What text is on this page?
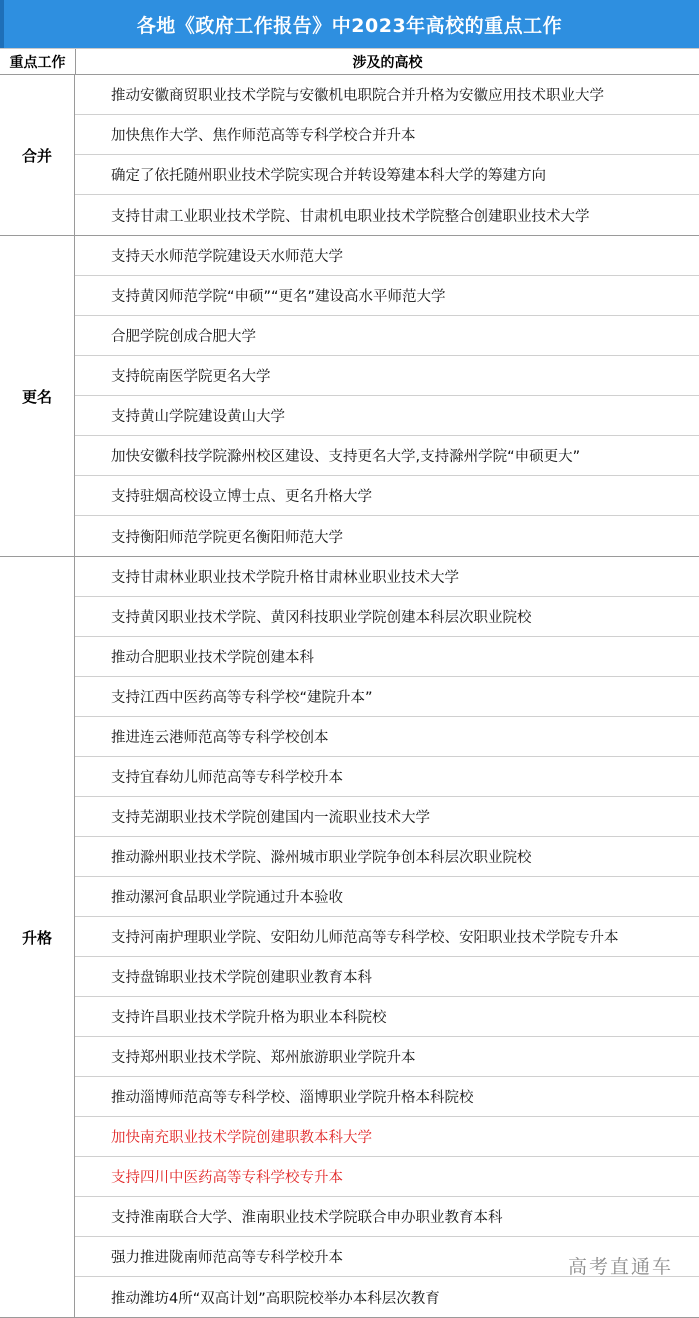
各地《政府工作报告》中2023年高校的重点工作
重点工作	涉及的高校
合并
推动安徽商贸职业技术学院与安徽机电职院合并升格为安徽应用技术职业大学
加快焦作大学、焦作师范高等专科学校合并升本
确定了依托随州职业技术学院实现合并转设筹建本科大学的筹建方向
支持甘肃工业职业技术学院、甘肃机电职业技术学院整合创建职业技术大学
更名
支持天水师范学院建设天水师范大学
支持黄冈师范学院“申硕”“更名”建设高水平师范大学
合肥学院创成合肥大学
支持皖南医学院更名大学
支持黄山学院建设黄山大学
加快安徽科技学院滁州校区建设、支持更名大学,支持滁州学院“申硕更大”
支持驻烟高校设立博士点、更名升格大学
支持衡阳师范学院更名衡阳师范大学
升格
支持甘肃林业职业技术学院升格甘肃林业职业技术大学
支持黄冈职业技术学院、黄冈科技职业学院创建本科层次职业院校
推动合肥职业技术学院创建本科
支持江西中医药高等专科学校“建院升本”
推进连云港师范高等专科学校创本
支持宜春幼儿师范高等专科学校升本
支持芜湖职业技术学院创建国内一流职业技术大学
推动滁州职业技术学院、滁州城市职业学院争创本科层次职业院校
推动漯河食品职业学院通过升本验收
支持河南护理职业学院、安阳幼儿师范高等专科学校、安阳职业技术学院专升本
支持盘锦职业技术学院创建职业教育本科
支持许昌职业技术学院升格为职业本科院校
支持郑州职业技术学院、郑州旅游职业学院升本
推动淄博师范高等专科学校、淄博职业学院升格本科院校
加快南充职业技术学院创建职教本科大学
支持四川中医药高等专科学校专升本
支持淮南联合大学、淮南职业技术学院联合申办职业教育本科
强力推进陇南师范高等专科学校升本
推动潍坊4所“双高计划”高职院校举办本科层次教育
高考直通车
